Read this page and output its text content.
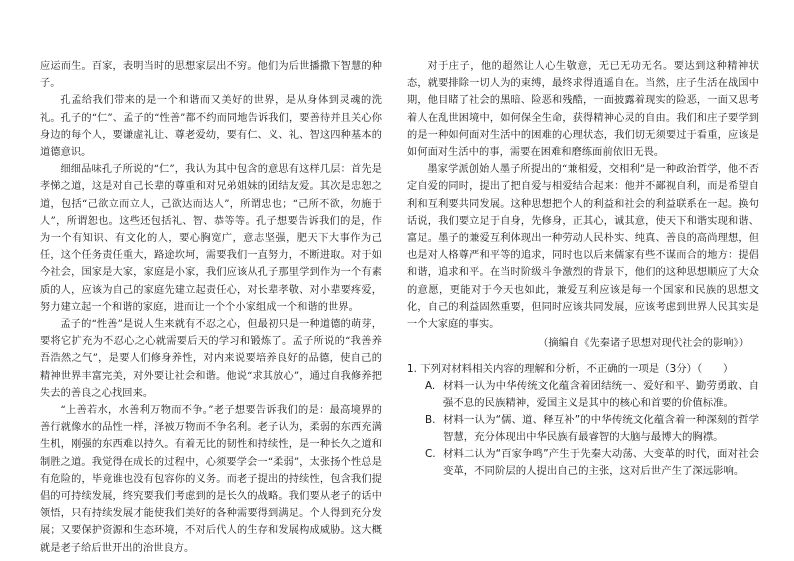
应运而生。百家，表明当时的思想家层出不穷。他们为后世播撒下智慧的种子。

孔孟给我们带来的是一个和谐而又美好的世界，是从身体到灵魂的洗礼。孔子的“仁”、孟子的“性善”都不约而同地告诉我们，要善待并且关心你身边的每个人，要谦虚礼让、尊老爱幼，要有仁、义、礼、智这四种基本的道德意识。

细细品味孔子所说的“仁”，我认为其中包含的意思有这样几层：首先是孝悌之道，这是对自己长辈的尊重和对兄弟姐妹的团结友爱。其次是忠恕之道，包括“己欲立而立人，己欲达而达人”，所谓忠也；“己所不欲，勿施于人”，所谓恕也。这些还包括礼、智、恭等等。孔子想要告诉我们的是，作为一个有知识、有文化的人，要心胸宽广，意志坚强，肥天下大事作为己任，这个任务责任重大，路途坎坷，需要我们一直努力，不断进取。对于如今社会，国家是大家，家庭是小家，我们应该从孔子那里学到作为一个有素质的人，应该为自己的家庭先建立起责任心，对长辈孝敬、对小辈要疼爱，努力建立起一个和谐的家庭，进而让一个个小家组成一个和谐的世界。

孟子的“性善”是说人生来就有不忍之心，但最初只是一种道德的萌芽，要将它扩充为不忍心之心就需要后天的学习和锻炼了。孟子所说的“我善养吾浩然之气”，是要人们修身养性，对内来说要培养良好的品德，使自己的精神世界丰富完美，对外要让社会和谐。他说“求其放心”，通过自我修养把失去的善良之心找回来。

“上善若水，水善利万物而不争。”老子想要告诉我们的是：最高境界的善行就像水的品性一样，泽被万物而不争名利。老子认为，柔弱的东西充满生机，刚强的东西难以持久。有着无比的韧性和持续性，是一种长久之道和制胜之道。我觉得在成长的过程中，心须要学会一“柔弱”，太张扬个性总是有危险的，毕竟谁也没有包容你的义务。而老子提出的持续性，包含我们提倡的可持续发展，终究要我们考虑到的是长久的战略。我们要从老子的话中领悟，只有持续发展才能使我们美好的各种需要得到满足。个人得到充分发展；又要保护资源和生态环境，不对后代人的生存和发展构成威胁。这大概就是老子给后世开出的治世良方。

对于庄子，他的超然让人心生敬意，无已无功无名。要达到这种精神状态，就要排除一切人为的束缚，最终求得逍遥自在。当然，庄子生活在战国中期，他目睹了社会的黑暗、险恶和残酷，一面披露着现实的险恶，一面又思考着人在乱世困境中，如何保全生命，获得精神心灵的自由。我们和庄子要学到的是一种如何面对生活中的困难的心理状态，我们切无须要过于看重，应该是如何面对生活中的事，需要在困难和磨练面前依旧无畏。

墨家学派创始人墨子所提出的“兼相爱，交相利”是一种政治哲学，他不否定自爱的同时，提出了把自爱与相爱结合起来：他并不鄙视自利，而是希望自利和互利要共同发展。这种思想把个人的利益和社会的利益联系在一起。换句话说，我们要立足于自身，先修身，正其心，诚其意，使天下和谐实现和谐、富足。墨子的兼爱互利体现出一种劳动人民朴实、纯真、善良的高尚理想，但也是对人格尊严和平等的追求，同时也以后来儒家有些不谋而合的地方：提倡和谐，追求和平。在当时阶级斗争激烈的背景下，他们的这种思想顺应了大众的意愿，更能对于今天也如此，兼爱互利应该是每一个国家和民族的思想文化，自己的利益固然重要，但同时应该共同发展，应该考虑到世界人民其实是一个大家庭的事实。

（摘编自《先秦诸子思想对现代社会的影响》）

1. 下列对材料相关内容的理解和分析，不正确的一项是（3分）（　　）
A. 材料一认为中华传统文化蕴含着团结统一、爱好和平、勤劳勇敢、自强不息的民族精神，爱国主义是其中的核心和首要的价值标准。
B. 材料一认为“儒、道、释互补”的中华传统文化蕴含着一种深刻的哲学智慧，充分体现出中华民族有最睿智的大脑与最博大的胸襟。
C. 材料二认为“百家争鸣”产生于先秦大动荡、大变革的时代，面对社会变革，不同阶层的人提出自己的主张，这对后世产生了深远影响。
